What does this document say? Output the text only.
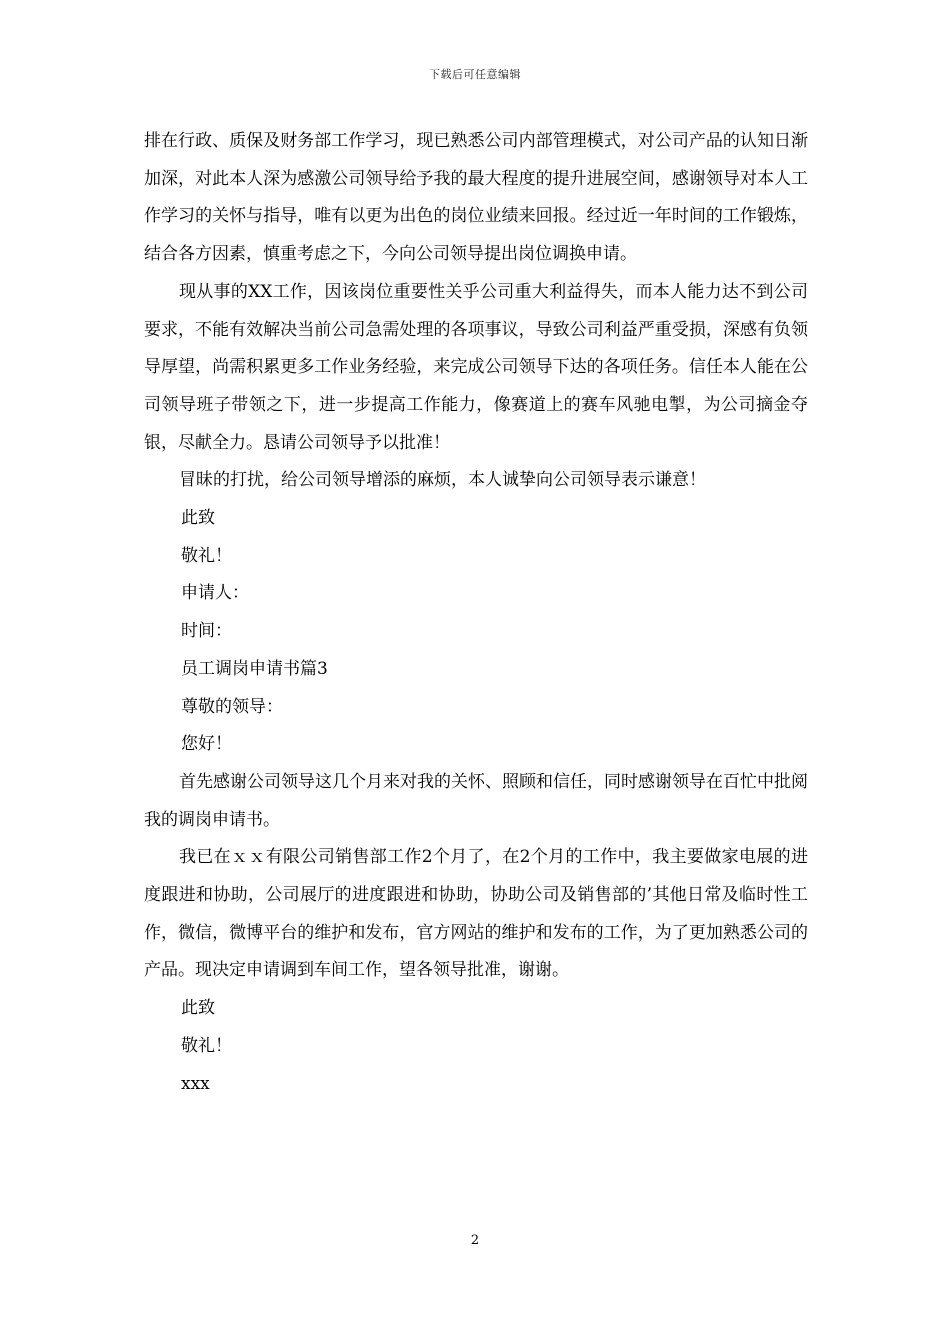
下载后可任意编辑

排在行政、质保及财务部工作学习，现已熟悉公司内部管理模式，对公司产品的认知日渐加深，对此本人深为感激公司领导给予我的最大程度的提升进展空间，感谢领导对本人工作学习的关怀与指导，唯有以更为出色的岗位业绩来回报。经过近一年时间的工作锻炼，结合各方因素，慎重考虑之下，今向公司领导提出岗位调换申请。

现从事的XX工作，因该岗位重要性关乎公司重大利益得失，而本人能力达不到公司要求，不能有效解决当前公司急需处理的各项事议，导致公司利益严重受损，深感有负领导厚望，尚需积累更多工作业务经验，来完成公司领导下达的各项任务。信任本人能在公司领导班子带领之下，进一步提高工作能力，像赛道上的赛车风驰电掣，为公司摘金夺银，尽献全力。恳请公司领导予以批准！

冒昧的打扰，给公司领导增添的麻烦，本人诚挚向公司领导表示谦意！

此致

敬礼！

申请人：

时间：

员工调岗申请书篇3

尊敬的领导：

您好！

首先感谢公司领导这几个月来对我的关怀、照顾和信任，同时感谢领导在百忙中批阅我的调岗申请书。

我已在ｘｘ有限公司销售部工作2个月了，在2个月的工作中，我主要做家电展的进度跟进和协助，公司展厅的进度跟进和协助，协助公司及销售部的’其他日常及临时性工作，微信，微博平台的维护和发布，官方网站的维护和发布的工作，为了更加熟悉公司的产品。现决定申请调到车间工作，望各领导批准，谢谢。

此致

敬礼！

xxx

2
